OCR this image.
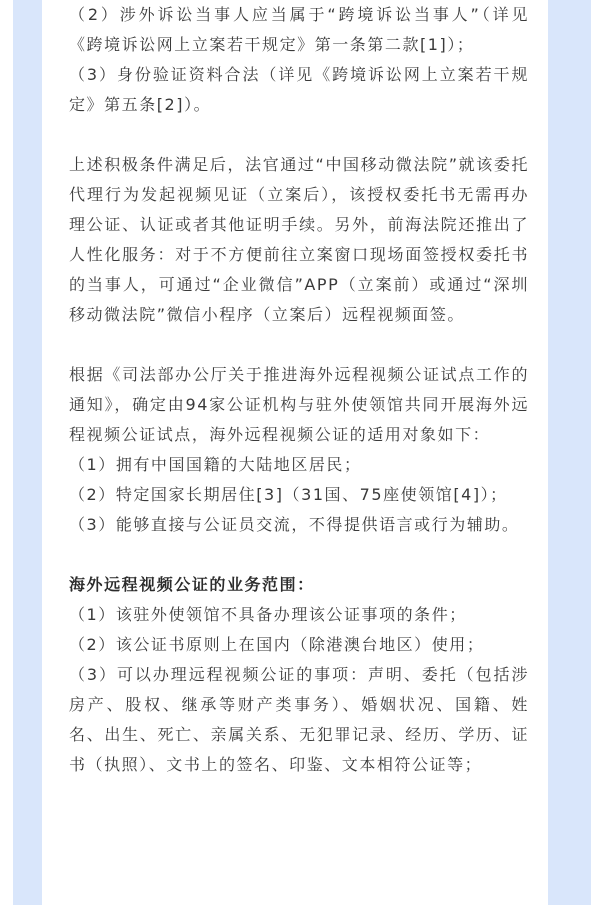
（2）涉外诉讼当事人应当属于“跨境诉讼当事人”（详见《跨境诉讼网上立案若干规定》第一条第二款[1]）；

（3）身份验证资料合法（详见《跨境诉讼网上立案若干规定》第五条[2]）。

上述积极条件满足后，法官通过“中国移动微法院”就该委托代理行为发起视频见证（立案后），该授权委托书无需再办理公证、认证或者其他证明手续。另外，前海法院还推出了人性化服务：对于不方便前往立案窗口现场面签授权委托书的当事人，可通过“企业微信”APP（立案前）或通过“深圳移动微法院”微信小程序（立案后）远程视频面签。

根据《司法部办公厅关于推进海外远程视频公证试点工作的通知》，确定由94家公证机构与驻外使领馆共同开展海外远程视频公证试点，海外远程视频公证的适用对象如下：

（1）拥有中国国籍的大陆地区居民；

（2）特定国家长期居住[3]（31国、75座使领馆[4]）；

（3）能够直接与公证员交流，不得提供语言或行为辅助。

海外远程视频公证的业务范围：

（1）该驻外使领馆不具备办理该公证事项的条件；

（2）该公证书原则上在国内（除港澳台地区）使用；

（3）可以办理远程视频公证的事项：声明、委托（包括涉房产、股权、继承等财产类事务）、婚姻状况、国籍、姓名、出生、死亡、亲属关系、无犯罪记录、经历、学历、证书（执照）、文书上的签名、印鉴、文本相符公证等；
